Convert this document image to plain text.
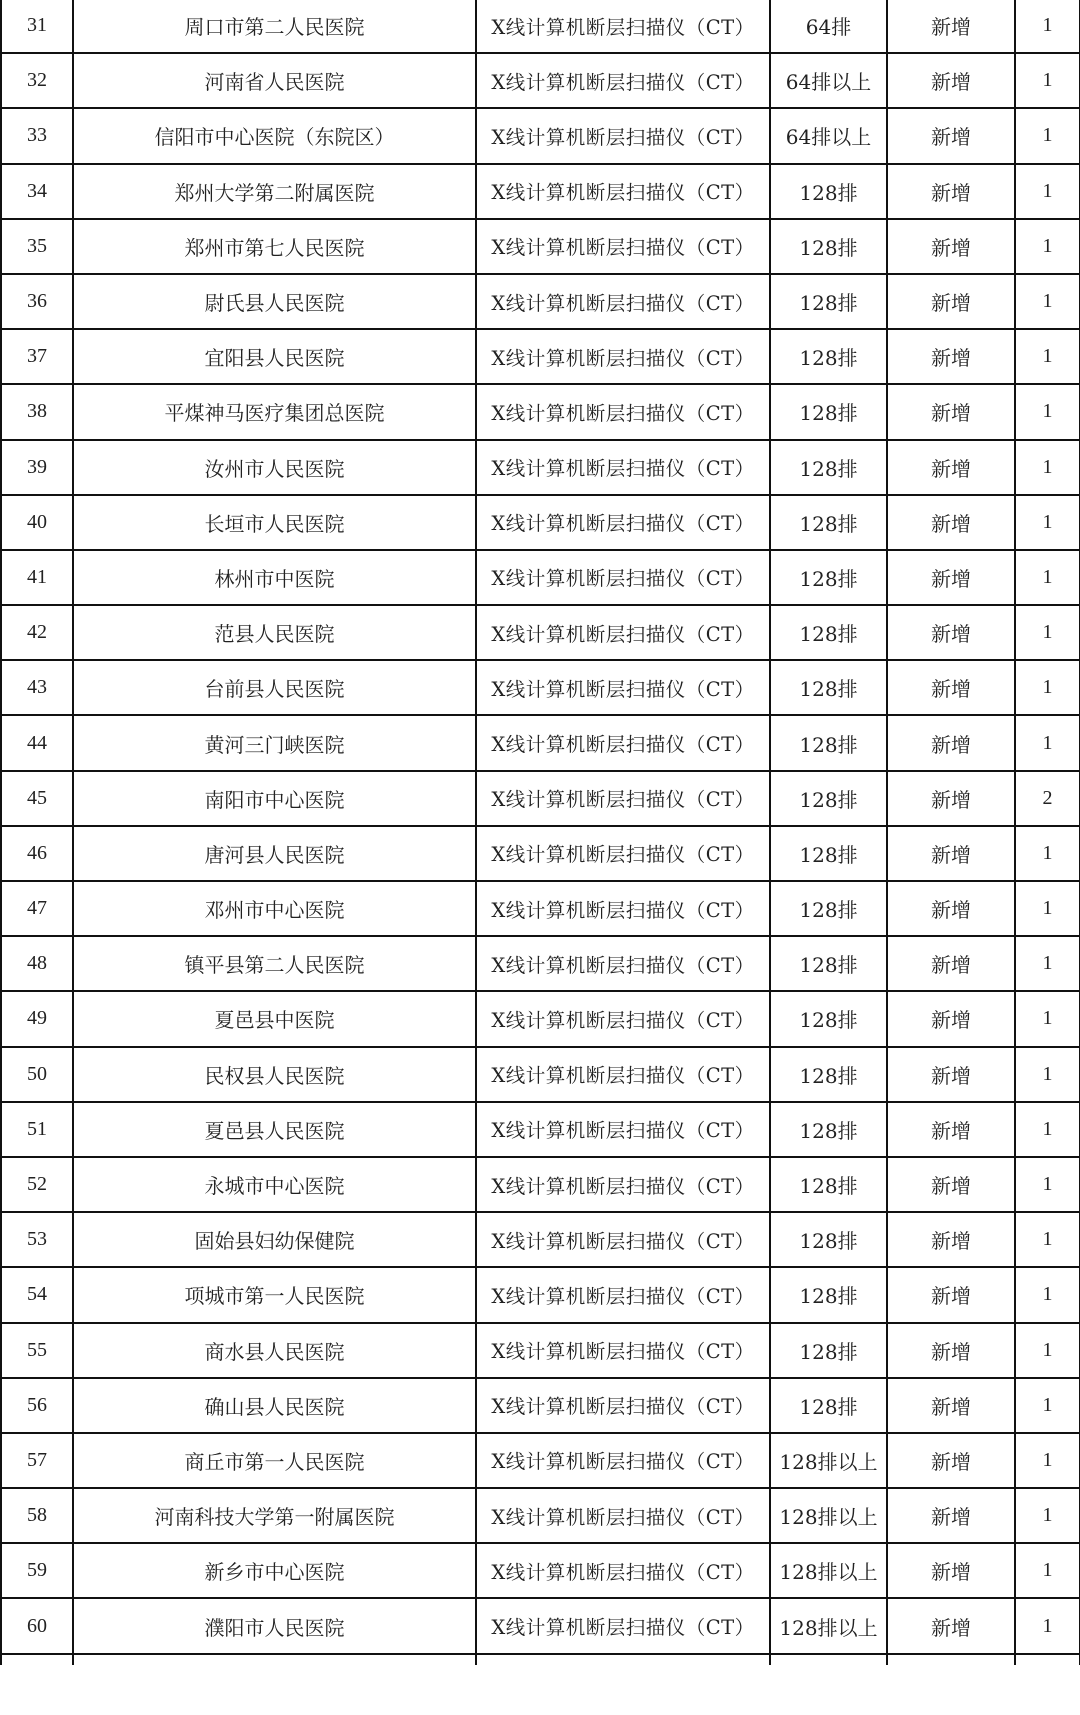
31	周口市第二人民医院	X线计算机断层扫描仪（CT）	64排	新增	1
32	河南省人民医院	X线计算机断层扫描仪（CT）	64排以上	新增	1
33	信阳市中心医院（东院区）	X线计算机断层扫描仪（CT）	64排以上	新增	1
34	郑州大学第二附属医院	X线计算机断层扫描仪（CT）	128排	新增	1
35	郑州市第七人民医院	X线计算机断层扫描仪（CT）	128排	新增	1
36	尉氏县人民医院	X线计算机断层扫描仪（CT）	128排	新增	1
37	宜阳县人民医院	X线计算机断层扫描仪（CT）	128排	新增	1
38	平煤神马医疗集团总医院	X线计算机断层扫描仪（CT）	128排	新增	1
39	汝州市人民医院	X线计算机断层扫描仪（CT）	128排	新增	1
40	长垣市人民医院	X线计算机断层扫描仪（CT）	128排	新增	1
41	林州市中医院	X线计算机断层扫描仪（CT）	128排	新增	1
42	范县人民医院	X线计算机断层扫描仪（CT）	128排	新增	1
43	台前县人民医院	X线计算机断层扫描仪（CT）	128排	新增	1
44	黄河三门峡医院	X线计算机断层扫描仪（CT）	128排	新增	1
45	南阳市中心医院	X线计算机断层扫描仪（CT）	128排	新增	2
46	唐河县人民医院	X线计算机断层扫描仪（CT）	128排	新增	1
47	邓州市中心医院	X线计算机断层扫描仪（CT）	128排	新增	1
48	镇平县第二人民医院	X线计算机断层扫描仪（CT）	128排	新增	1
49	夏邑县中医院	X线计算机断层扫描仪（CT）	128排	新增	1
50	民权县人民医院	X线计算机断层扫描仪（CT）	128排	新增	1
51	夏邑县人民医院	X线计算机断层扫描仪（CT）	128排	新增	1
52	永城市中心医院	X线计算机断层扫描仪（CT）	128排	新增	1
53	固始县妇幼保健院	X线计算机断层扫描仪（CT）	128排	新增	1
54	项城市第一人民医院	X线计算机断层扫描仪（CT）	128排	新增	1
55	商水县人民医院	X线计算机断层扫描仪（CT）	128排	新增	1
56	确山县人民医院	X线计算机断层扫描仪（CT）	128排	新增	1
57	商丘市第一人民医院	X线计算机断层扫描仪（CT）	128排以上	新增	1
58	河南科技大学第一附属医院	X线计算机断层扫描仪（CT）	128排以上	新增	1
59	新乡市中心医院	X线计算机断层扫描仪（CT）	128排以上	新增	1
60	濮阳市人民医院	X线计算机断层扫描仪（CT）	128排以上	新增	1
